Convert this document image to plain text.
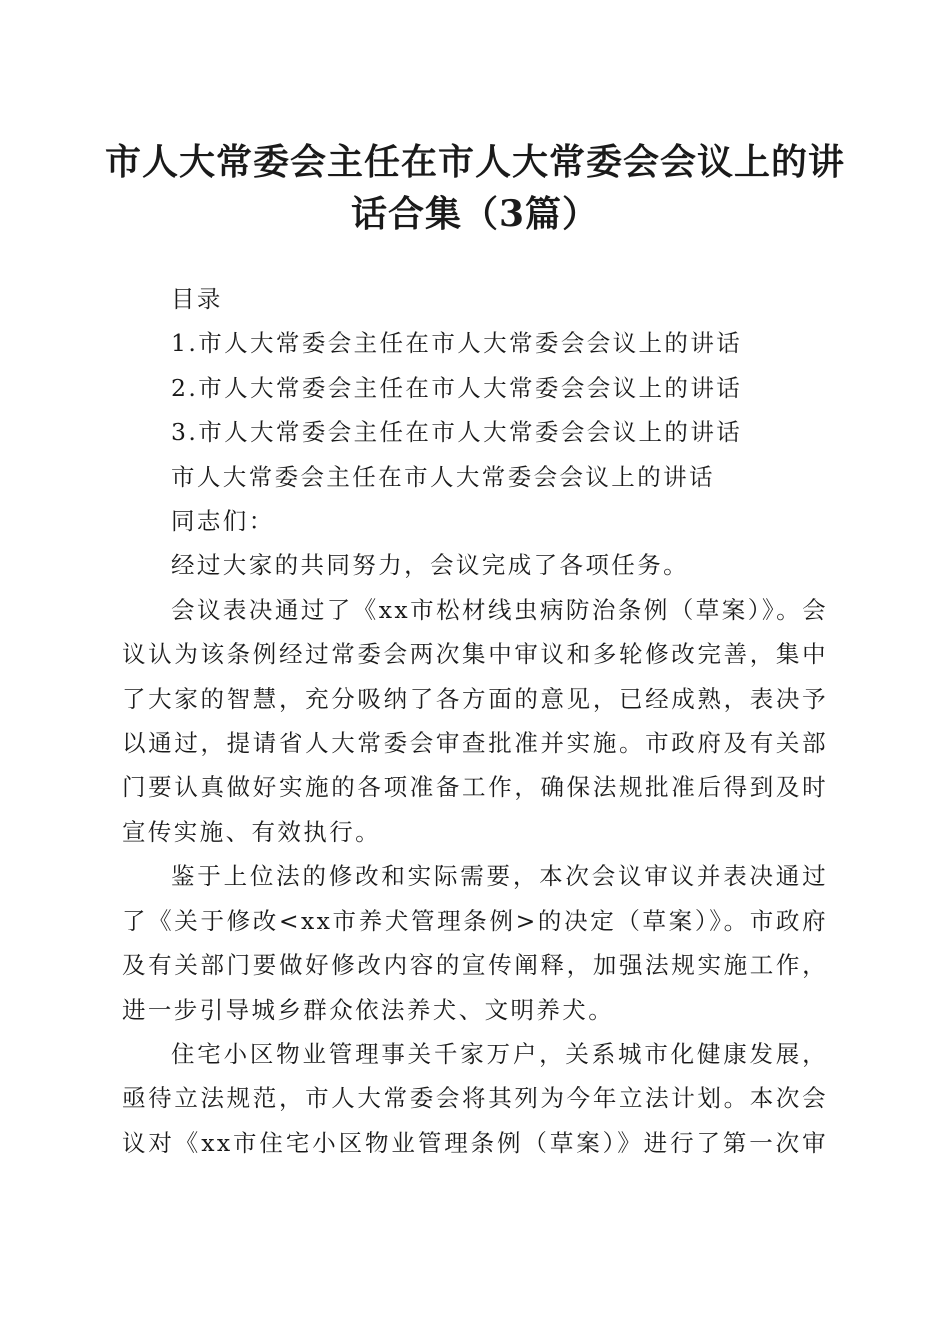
市人大常委会主任在市人大常委会会议上的讲话合集（3篇）

目录

1.市人大常委会主任在市人大常委会会议上的讲话

2.市人大常委会主任在市人大常委会会议上的讲话

3.市人大常委会主任在市人大常委会会议上的讲话

市人大常委会主任在市人大常委会会议上的讲话

同志们：

经过大家的共同努力，会议完成了各项任务。

会议表决通过了《xx市松材线虫病防治条例（草案）》。会议认为该条例经过常委会两次集中审议和多轮修改完善，集中了大家的智慧，充分吸纳了各方面的意见，已经成熟，表决予以通过，提请省人大常委会审查批准并实施。市政府及有关部门要认真做好实施的各项准备工作，确保法规批准后得到及时宣传实施、有效执行。

鉴于上位法的修改和实际需要，本次会议审议并表决通过了《关于修改<xx市养犬管理条例>的决定（草案）》。市政府及有关部门要做好修改内容的宣传阐释，加强法规实施工作，进一步引导城乡群众依法养犬、文明养犬。

住宅小区物业管理事关千家万户，关系城市化健康发展，亟待立法规范，市人大常委会将其列为今年立法计划。本次会议对《xx市住宅小区物业管理条例（草案）》进行了第一次审
